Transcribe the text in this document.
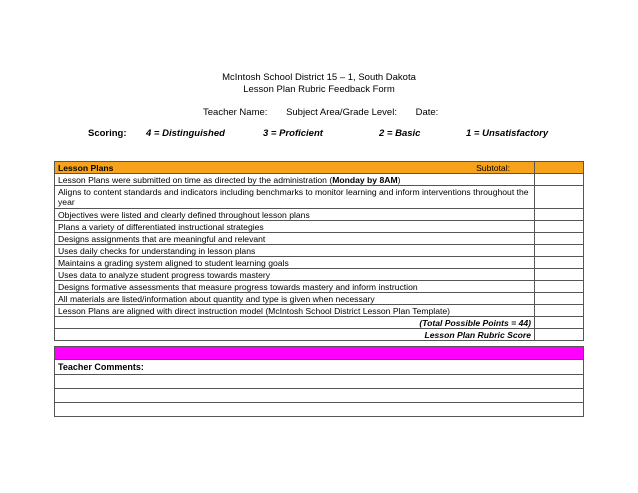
McIntosh School District 15 – 1, South Dakota
Lesson Plan Rubric Feedback Form
Teacher Name: Subject Area/Grade Level: Date:
Scoring: 4 = Distinguished	3 = Proficient	2 = Basic	1 = Unsatisfactory
Lesson Plans Subtotal:	

Lesson Plans were submitted on time as directed by the administration (Monday by 8AM)	
Aligns to content standards and indicators including benchmarks to monitor learning and inform interventions throughout the year	
Objectives were listed and clearly defined throughout lesson plans	
Plans a variety of differentiated instructional strategies	
Designs assignments that are meaningful and relevant	
Uses daily checks for understanding in lesson plans	
Maintains a grading system aligned to student learning goals	
Uses data to analyze student progress towards mastery	
Designs formative assessments that measure progress towards mastery and inform instruction	
All materials are listed/information about quantity and type is given when necessary	
Lesson Plans are aligned with direct instruction model (McIntosh School District Lesson Plan Template)	
(Total Possible Points = 44)	
Lesson Plan Rubric Score	

Teacher Comments:
